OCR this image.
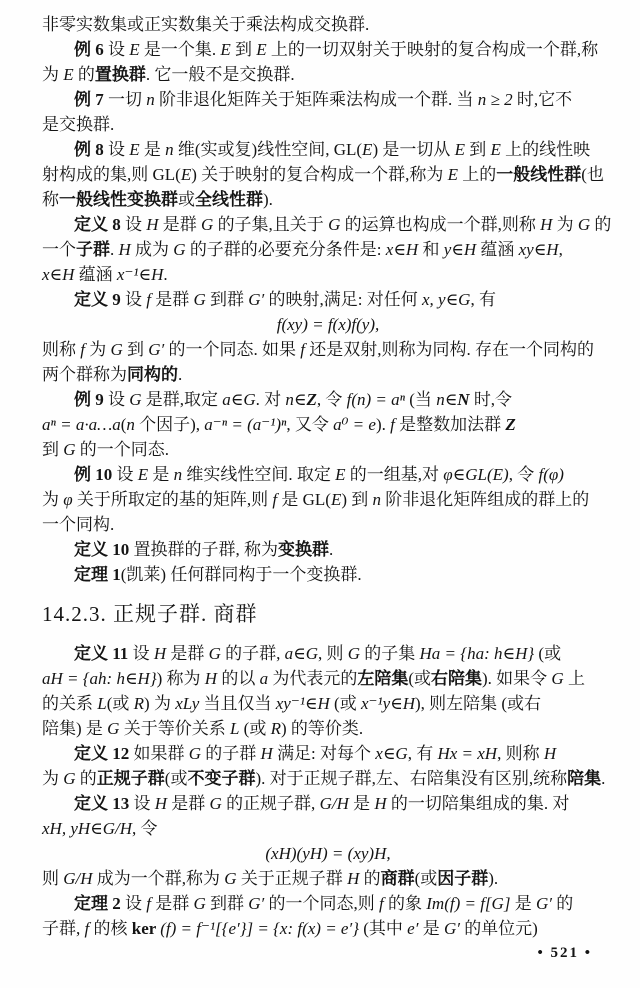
非零实数集或正实数集关于乘法构成交换群.
例 6 设 E 是一个集. E 到 E 上的一切双射关于映射的复合构成一个群,称
为 E 的置换群. 它一般不是交换群.
例 7 一切 n 阶非退化矩阵关于矩阵乘法构成一个群. 当 n ≥ 2 时,它不
是交换群.
例 8 设 E 是 n 维(实或复)线性空间, GL(E) 是一切从 E 到 E 上的线性映
射构成的集,则 GL(E) 关于映射的复合构成一个群,称为 E 上的一般线性群(也
称一般线性变换群或全线性群).
定义 8 设 H 是群 G 的子集,且关于 G 的运算也构成一个群,则称 H 为 G 的
一个子群. H 成为 G 的子群的必要充分条件是: x∈H 和 y∈H 蕴涵 xy∈H,
x∈H 蕴涵 x⁻¹∈H.
定义 9 设 f 是群 G 到群 G′ 的映射,满足: 对任何 x, y∈G, 有
f(xy) = f(x)f(y),
则称 f 为 G 到 G′ 的一个同态. 如果 f 还是双射,则称为同构. 存在一个同构的
两个群称为同构的.
例 9 设 G 是群,取定 a∈G. 对 n∈Z, 令 f(n) = aⁿ (当 n∈N 时,令
aⁿ = a·a…a(n 个因子), a⁻ⁿ = (a⁻¹)ⁿ, 又令 a⁰ = e). f 是整数加法群 Z
到 G 的一个同态.
例 10 设 E 是 n 维实线性空间. 取定 E 的一组基,对 φ∈GL(E), 令 f(φ)
为 φ 关于所取定的基的矩阵,则 f 是 GL(E) 到 n 阶非退化矩阵组成的群上的
一个同构.
定义 10 置换群的子群, 称为变换群.
定理 1(凯莱) 任何群同构于一个变换群.
14.2.3. 正规子群. 商群
定义 11 设 H 是群 G 的子群, a∈G, 则 G 的子集 Ha = {ha: h∈H} (或
aH = {ah: h∈H}) 称为 H 的以 a 为代表元的左陪集(或右陪集). 如果令 G 上
的关系 L(或 R) 为 xLy 当且仅当 xy⁻¹∈H (或 x⁻¹y∈H), 则左陪集 (或右
陪集) 是 G 关于等价关系 L (或 R) 的等价类.
定义 12 如果群 G 的子群 H 满足: 对每个 x∈G, 有 Hx = xH, 则称 H
为 G 的正规子群(或不变子群). 对于正规子群,左、右陪集没有区别,统称陪集.
定义 13 设 H 是群 G 的正规子群, G/H 是 H 的一切陪集组成的集. 对
xH, yH∈G/H, 令
(xH)(yH) = (xy)H,
则 G/H 成为一个群,称为 G 关于正规子群 H 的商群(或因子群).
定理 2 设 f 是群 G 到群 G′ 的一个同态,则 f 的象 Im(f) = f[G] 是 G′ 的
子群, f 的核 ker (f) = f⁻¹[{e′}] = {x: f(x) = e′} (其中 e′ 是 G′ 的单位元)
• 521 •
